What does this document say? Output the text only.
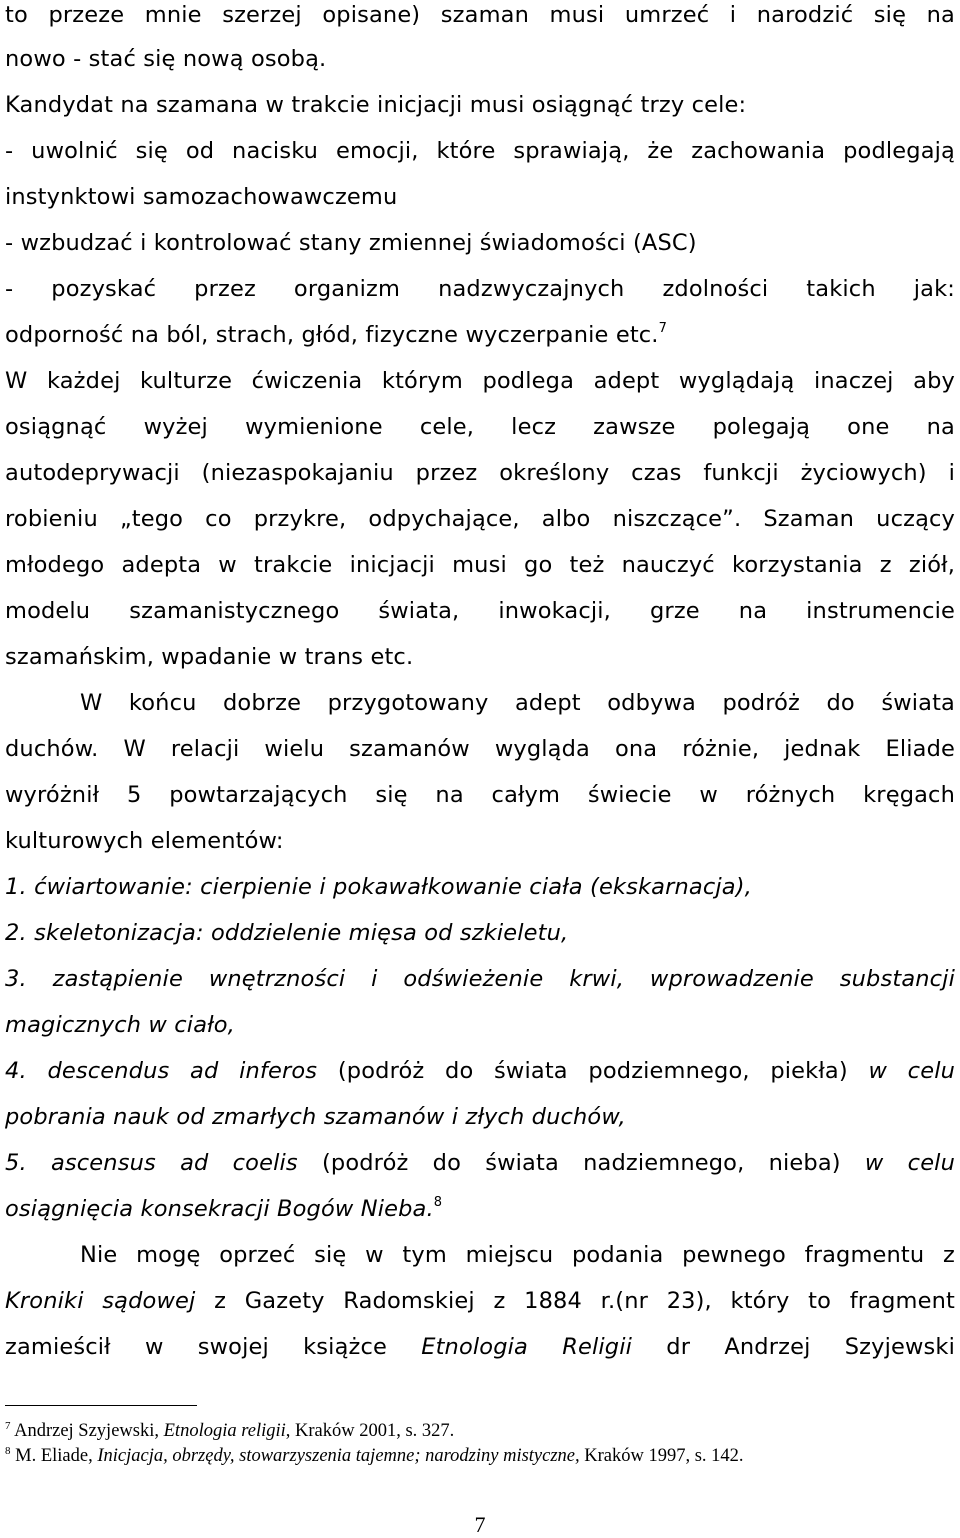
to przeze mnie szerzej opisane) szaman musi umrzeć i narodzić się na
nowo - stać się nową osobą.
Kandydat na szamana w trakcie inicjacji musi osiągnąć trzy cele:
- uwolnić się od nacisku emocji, które sprawiają, że zachowania podlegają
instynktowi samozachowawczemu
- wzbudzać i kontrolować stany zmiennej świadomości (ASC)
- pozyskać przez organizm nadzwyczajnych zdolności takich jak:
odporność na ból, strach, głód, fizyczne wyczerpanie etc.$^7$
W każdej kulturze ćwiczenia którym podlega adept wyglądają inaczej aby
osiągnąć wyżej wymienione cele, lecz zawsze polegają one na
autodeprywacji (niezaspokajaniu przez określony czas funkcji życiowych) i
robieniu „tego co przykre, odpychające, albo niszczące”. Szaman uczący
młodego adepta w trakcie inicjacji musi go też nauczyć korzystania z ziół,
modelu szamanistycznego świata, inwokacji, grze na instrumencie
szamańskim, wpadanie w trans etc.
W końcu dobrze przygotowany adept odbywa podróż do świata
duchów. W relacji wielu szamanów wygląda ona różnie, jednak Eliade
wyróżnił 5 powtarzających się na całym świecie w różnych kręgach
kulturowych elementów:
1. ćwiartowanie: cierpienie i pokawałkowanie ciała (ekskarnacja),
2. skeletonizacja: oddzielenie mięsa od szkieletu,
3. zastąpienie wnętrzności i odświeżenie krwi, wprowadzenie substancji
magicznych w ciało,
4. descendus ad inferos (podróż do świata podziemnego, piekła) w celu
pobrania nauk od zmarłych szamanów i złych duchów,
5. ascensus ad coelis (podróż do świata nadziemnego, nieba) w celu
osiągnięcia konsekracji Bogów Nieba.$^8$
Nie mogę oprzeć się w tym miejscu podania pewnego fragmentu z
Kroniki sądowej z Gazety Radomskiej z 1884 r.(nr 23), który to fragment
zamieścił w swojej książce Etnologia Religii dr Andrzej Szyjewski
$^7$ Andrzej Szyjewski, Etnologia religii, Kraków 2001, s. 327.
$^8$ M. Eliade, Inicjacja, obrzędy, stowarzyszenia tajemne; narodziny mistyczne, Kraków 1997, s. 142.
7
